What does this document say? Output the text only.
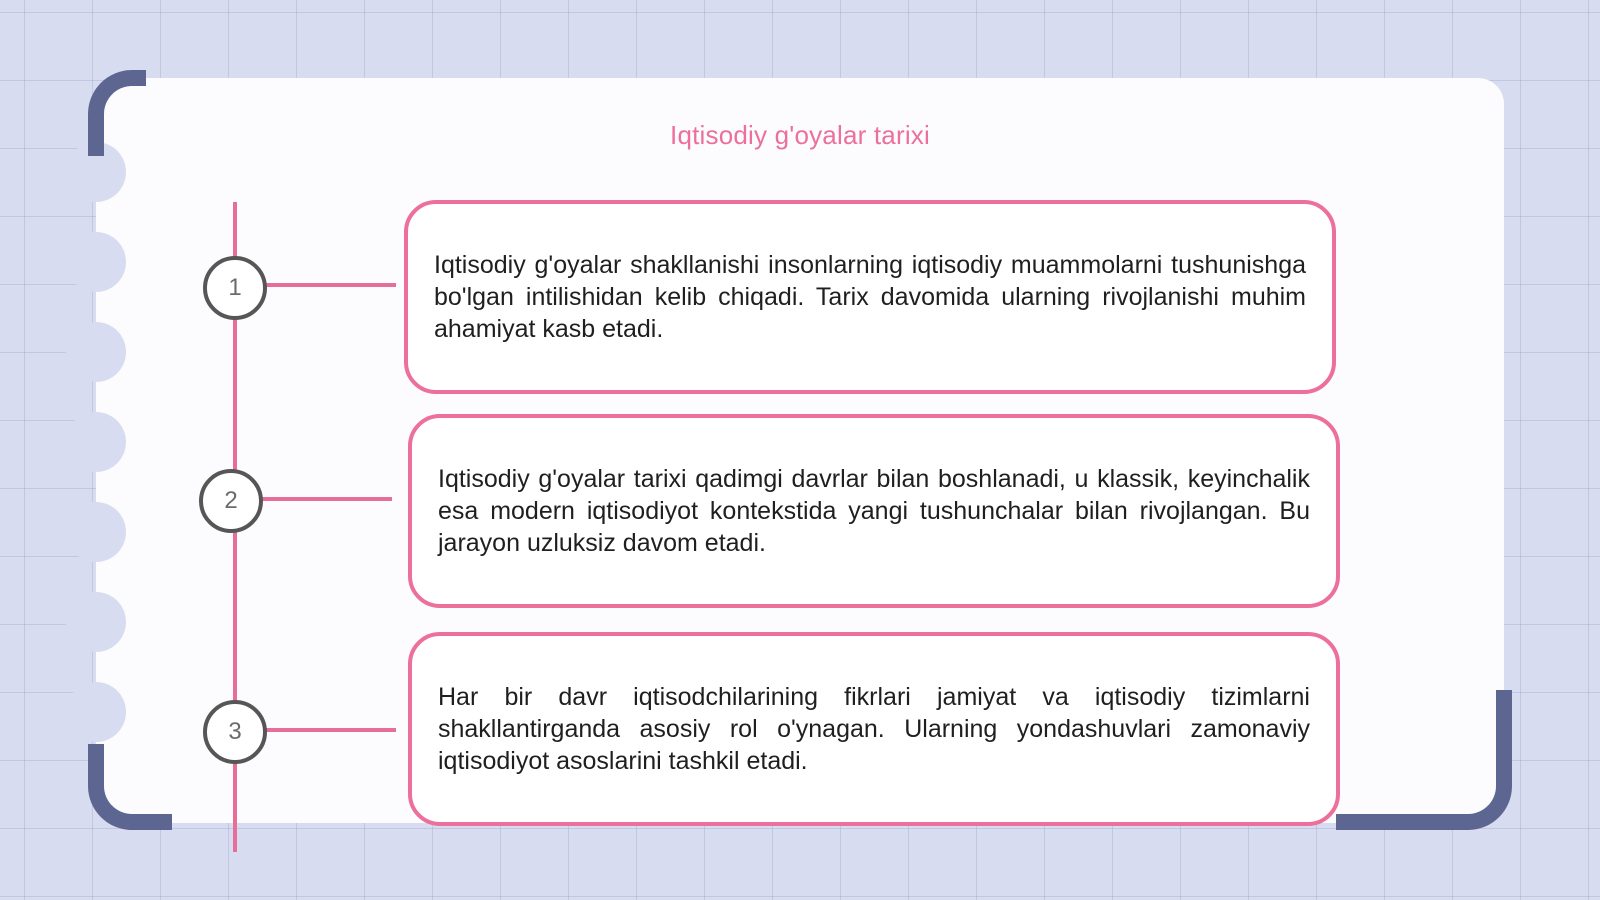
Iqtisodiy g'oyalar tarixi
1
2
3
Iqtisodiy g'oyalar shakllanishi insonlarning iqtisodiy muammolarni tushunishga bo'lgan intilishidan kelib chiqadi. Tarix davomida ularning rivojlanishi muhim ahamiyat kasb etadi.
Iqtisodiy g'oyalar tarixi qadimgi davrlar bilan boshlanadi, u klassik, keyinchalik esa modern iqtisodiyot kontekstida yangi tushunchalar bilan rivojlangan. Bu jarayon uzluksiz davom etadi.
Har bir davr iqtisodchilarining fikrlari jamiyat va iqtisodiy tizimlarni shakllantirganda asosiy rol o'ynagan. Ularning yondashuvlari zamonaviy iqtisodiyot asoslarini tashkil etadi.
